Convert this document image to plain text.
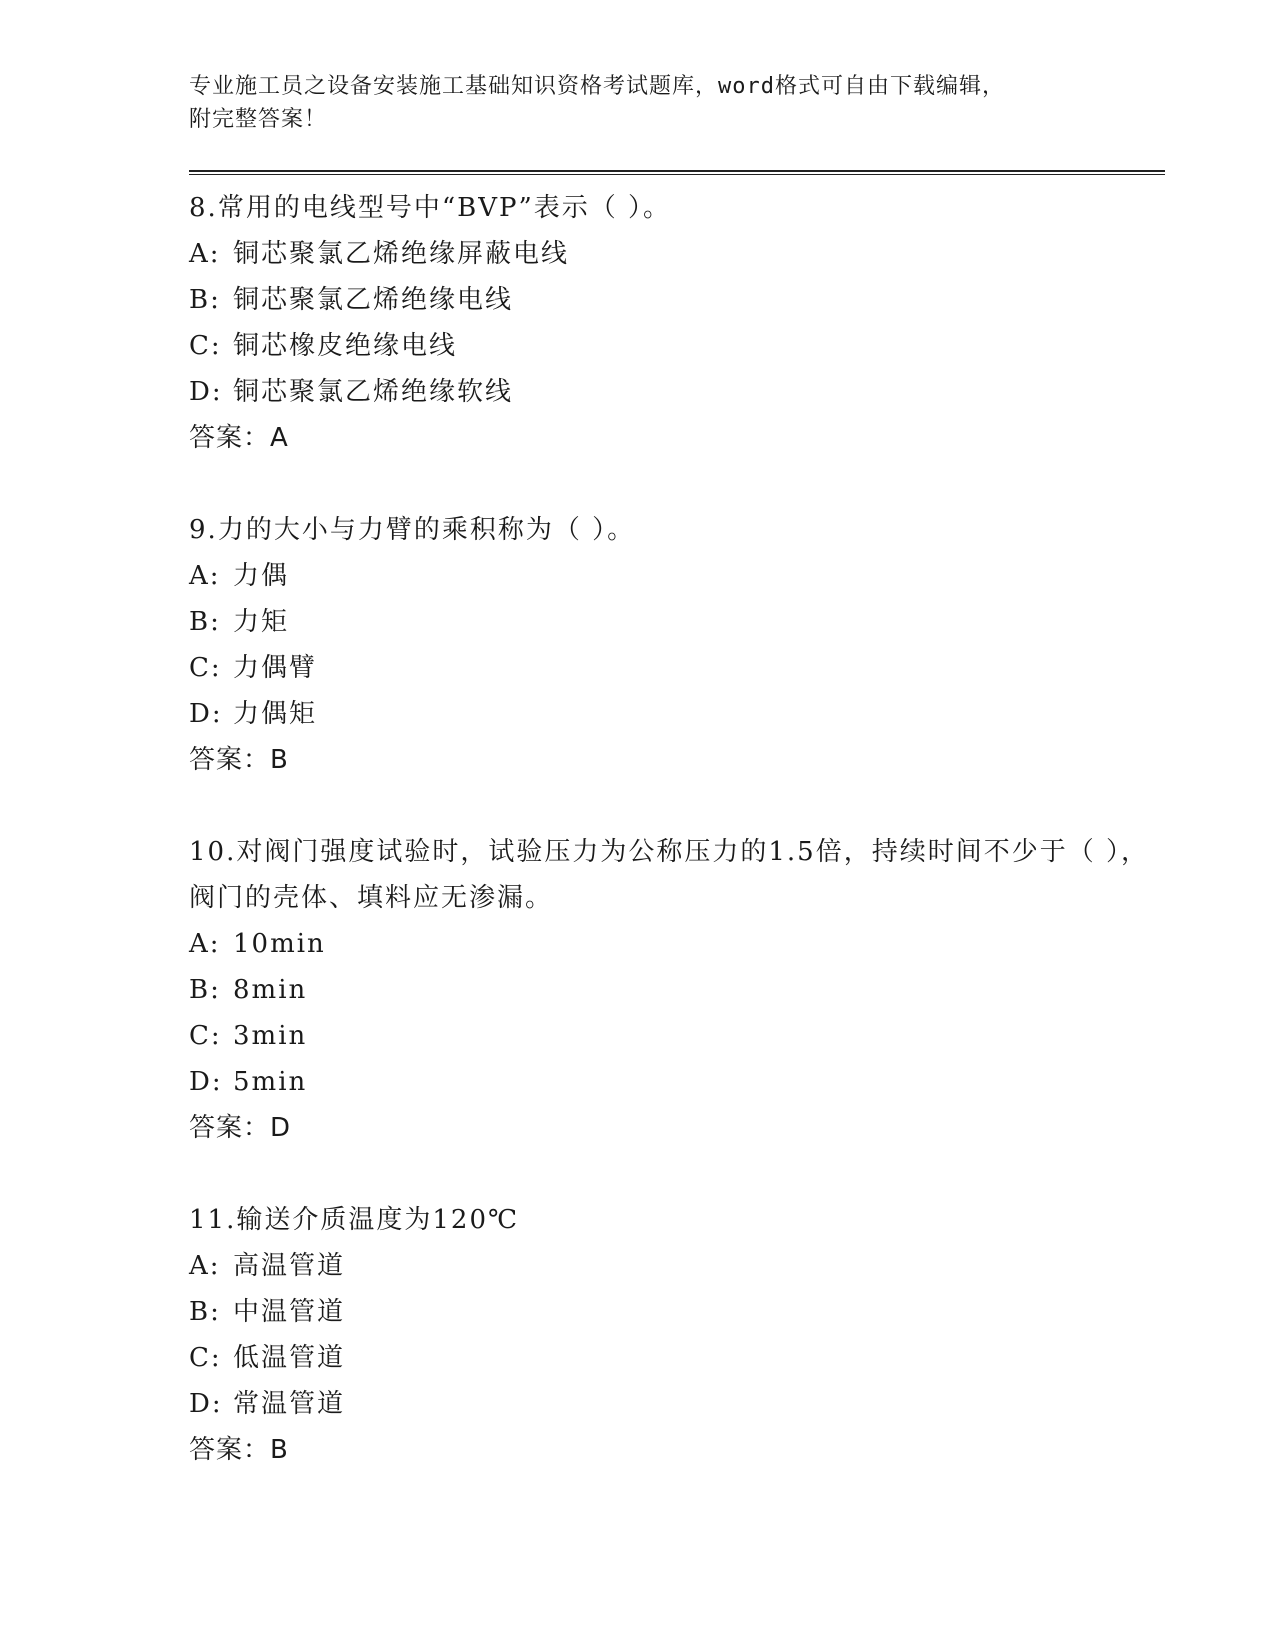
专业施工员之设备安装施工基础知识资格考试题库，word格式可自由下载编辑，
附完整答案！
8.常用的电线型号中“BVP”表示（ ）。
A: 铜芯聚氯乙烯绝缘屏蔽电线
B: 铜芯聚氯乙烯绝缘电线
C: 铜芯橡皮绝缘电线
D: 铜芯聚氯乙烯绝缘软线
答案：A
9.力的大小与力臂的乘积称为（ ）。
A: 力偶
B: 力矩
C: 力偶臂
D: 力偶矩
答案：B
10.对阀门强度试验时，试验压力为公称压力的1.5倍，持续时间不少于（ ），阀门的壳体、填料应无渗漏。
A: 10min
B: 8min
C: 3min
D: 5min
答案：D
11.输送介质温度为120℃
A: 高温管道
B: 中温管道
C: 低温管道
D: 常温管道
答案：B
